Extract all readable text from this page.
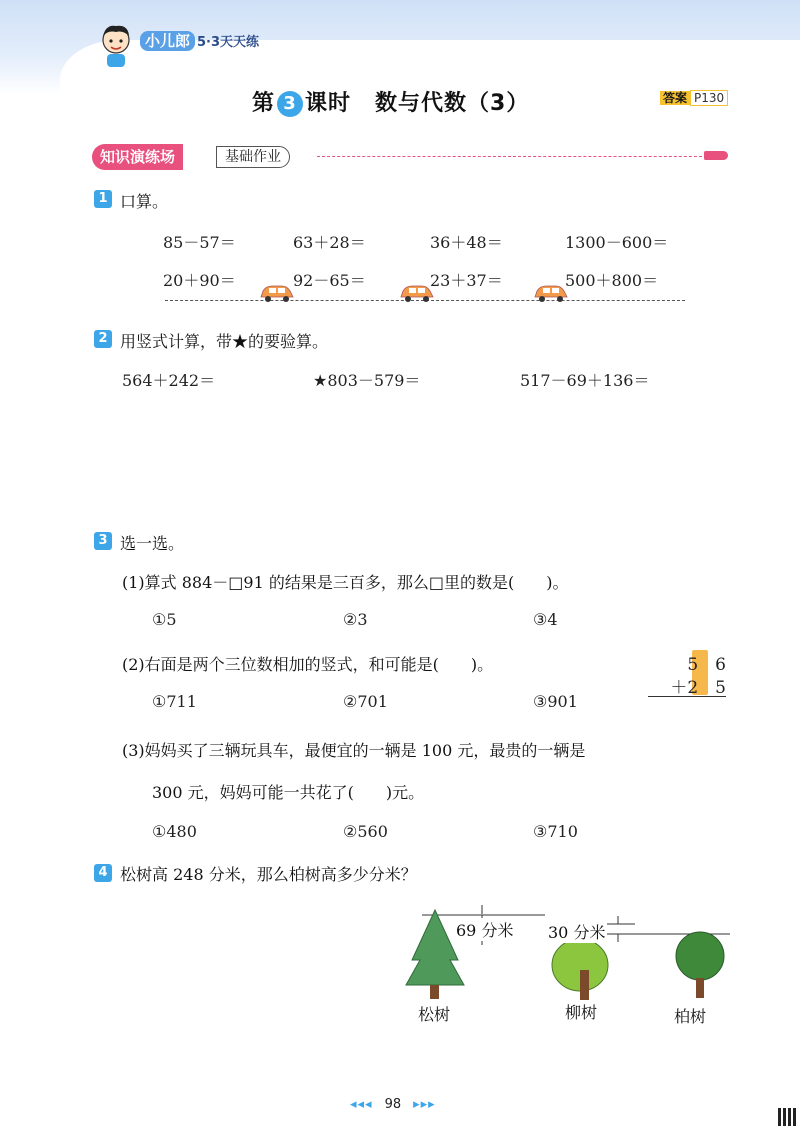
小儿郎 5·3天天练
第 3 课时 数与代数（3）	答案 P130
知识演练场	基础作业
1 口算。
85－57＝	63＋28＝	36＋48＝	1300－600＝
20＋90＝	92－65＝	23＋37＝	500＋800＝
2 用竖式计算，带★的要验算。
564＋242＝	★803－579＝	517－69＋136＝
3 选一选。
(1)算式 884－□91 的结果是三百多，那么□里的数是(　　)。
①5	②3	③4
(2)右面是两个三位数相加的竖式，和可能是(　　)。
①711	②701	③901
5　6
＋2　5
(3)妈妈买了三辆玩具车，最便宜的一辆是 100 元，最贵的一辆是
300 元，妈妈可能一共花了(　　)元。
①480	②560	③710
4 松树高 248 分米，那么柏树高多少分米？
69 分米 30 分米
松树	柳树	柏树
◂◂◂ 98 ▸▸▸
